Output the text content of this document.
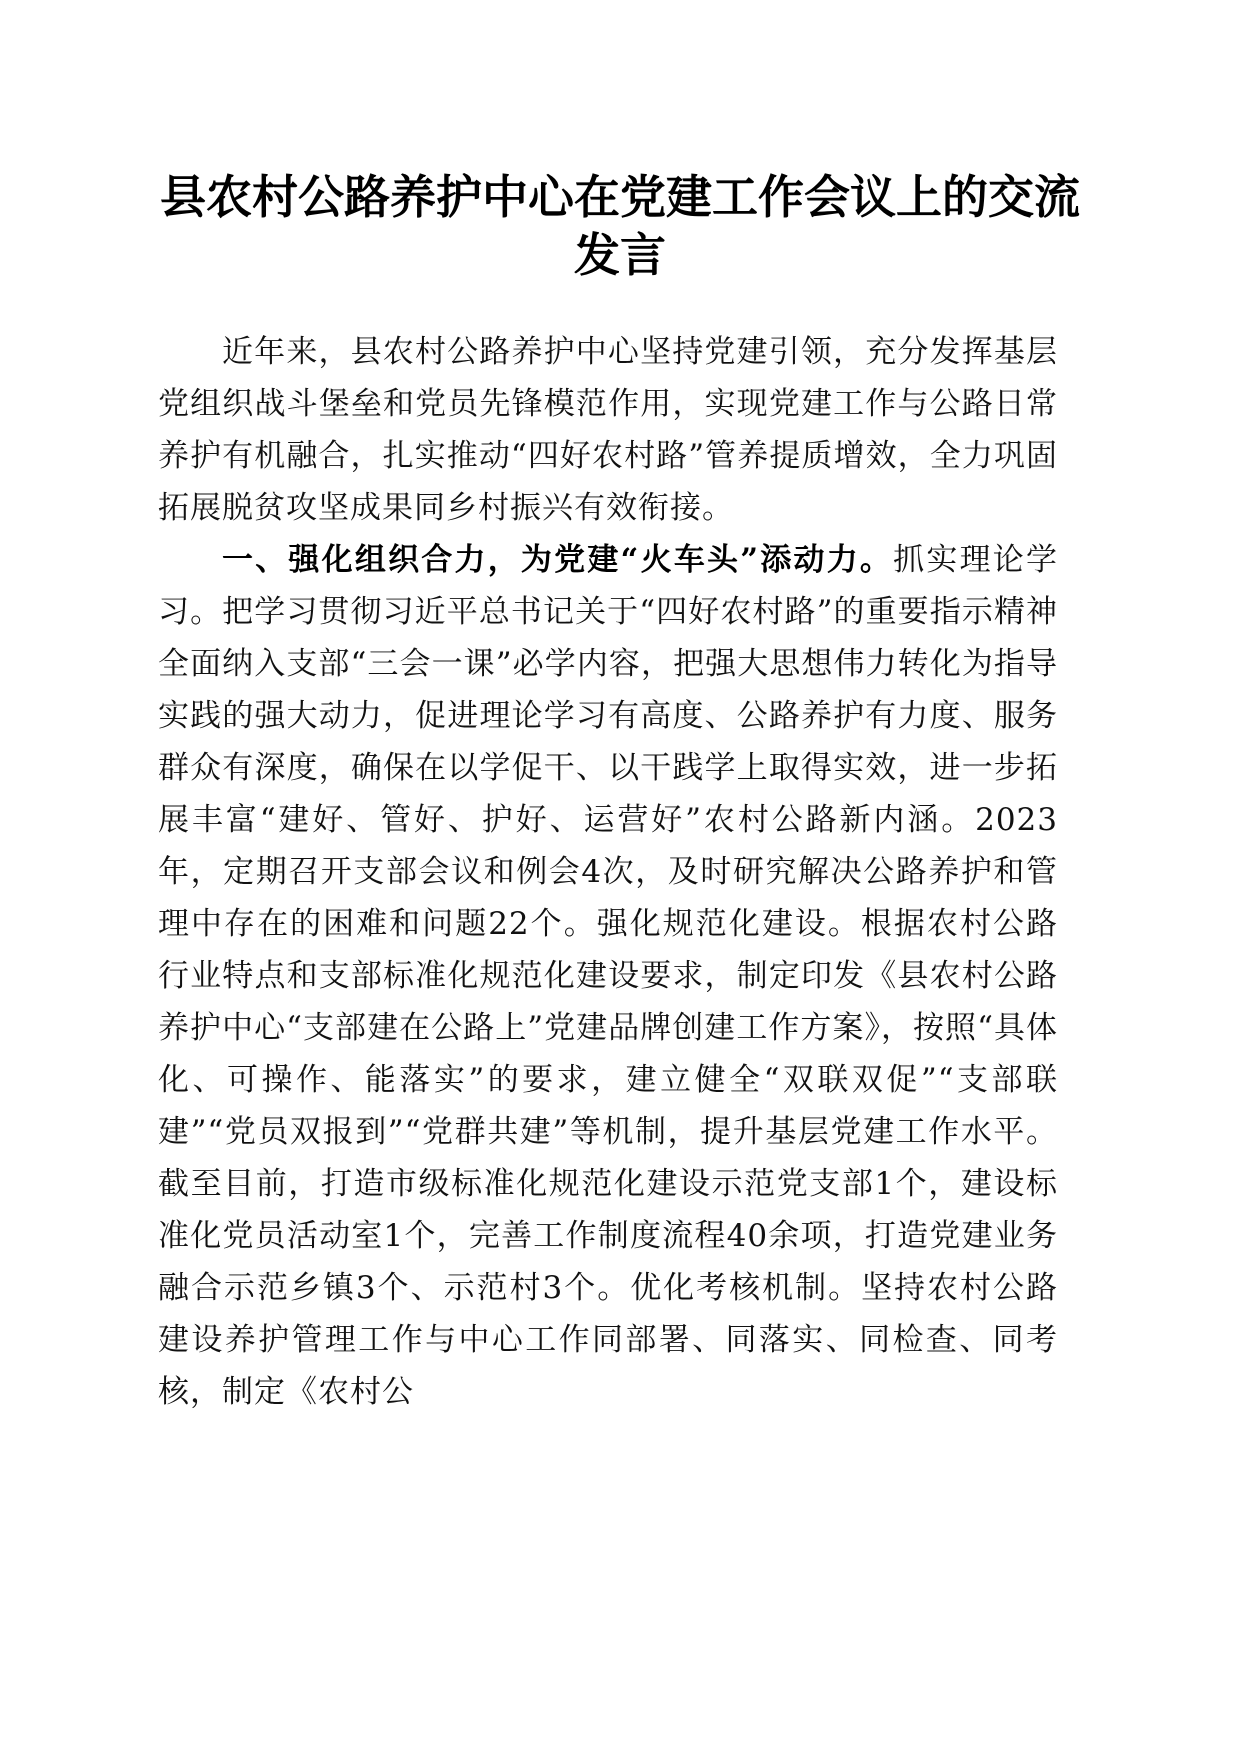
县农村公路养护中心在党建工作会议上的交流发言

近年来，县农村公路养护中心坚持党建引领，充分发挥基层党组织战斗堡垒和党员先锋模范作用，实现党建工作与公路日常养护有机融合，扎实推动“四好农村路”管养提质增效，全力巩固拓展脱贫攻坚成果同乡村振兴有效衔接。

一、强化组织合力，为党建“火车头”添动力。抓实理论学习。把学习贯彻习近平总书记关于“四好农村路”的重要指示精神全面纳入支部“三会一课”必学内容，把强大思想伟力转化为指导实践的强大动力，促进理论学习有高度、公路养护有力度、服务群众有深度，确保在以学促干、以干践学上取得实效，进一步拓展丰富“建好、管好、护好、运营好”农村公路新内涵。2023年，定期召开支部会议和例会4次，及时研究解决公路养护和管理中存在的困难和问题22个。强化规范化建设。根据农村公路行业特点和支部标准化规范化建设要求，制定印发《县农村公路养护中心“支部建在公路上”党建品牌创建工作方案》，按照“具体化、可操作、能落实”的要求，建立健全“双联双促”“支部联建”“党员双报到”“党群共建”等机制，提升基层党建工作水平。截至目前，打造市级标准化规范化建设示范党支部1个，建设标准化党员活动室1个，完善工作制度流程40余项，打造党建业务融合示范乡镇3个、示范村3个。优化考核机制。坚持农村公路建设养护管理工作与中心工作同部署、同落实、同检查、同考核，制定《农村公
